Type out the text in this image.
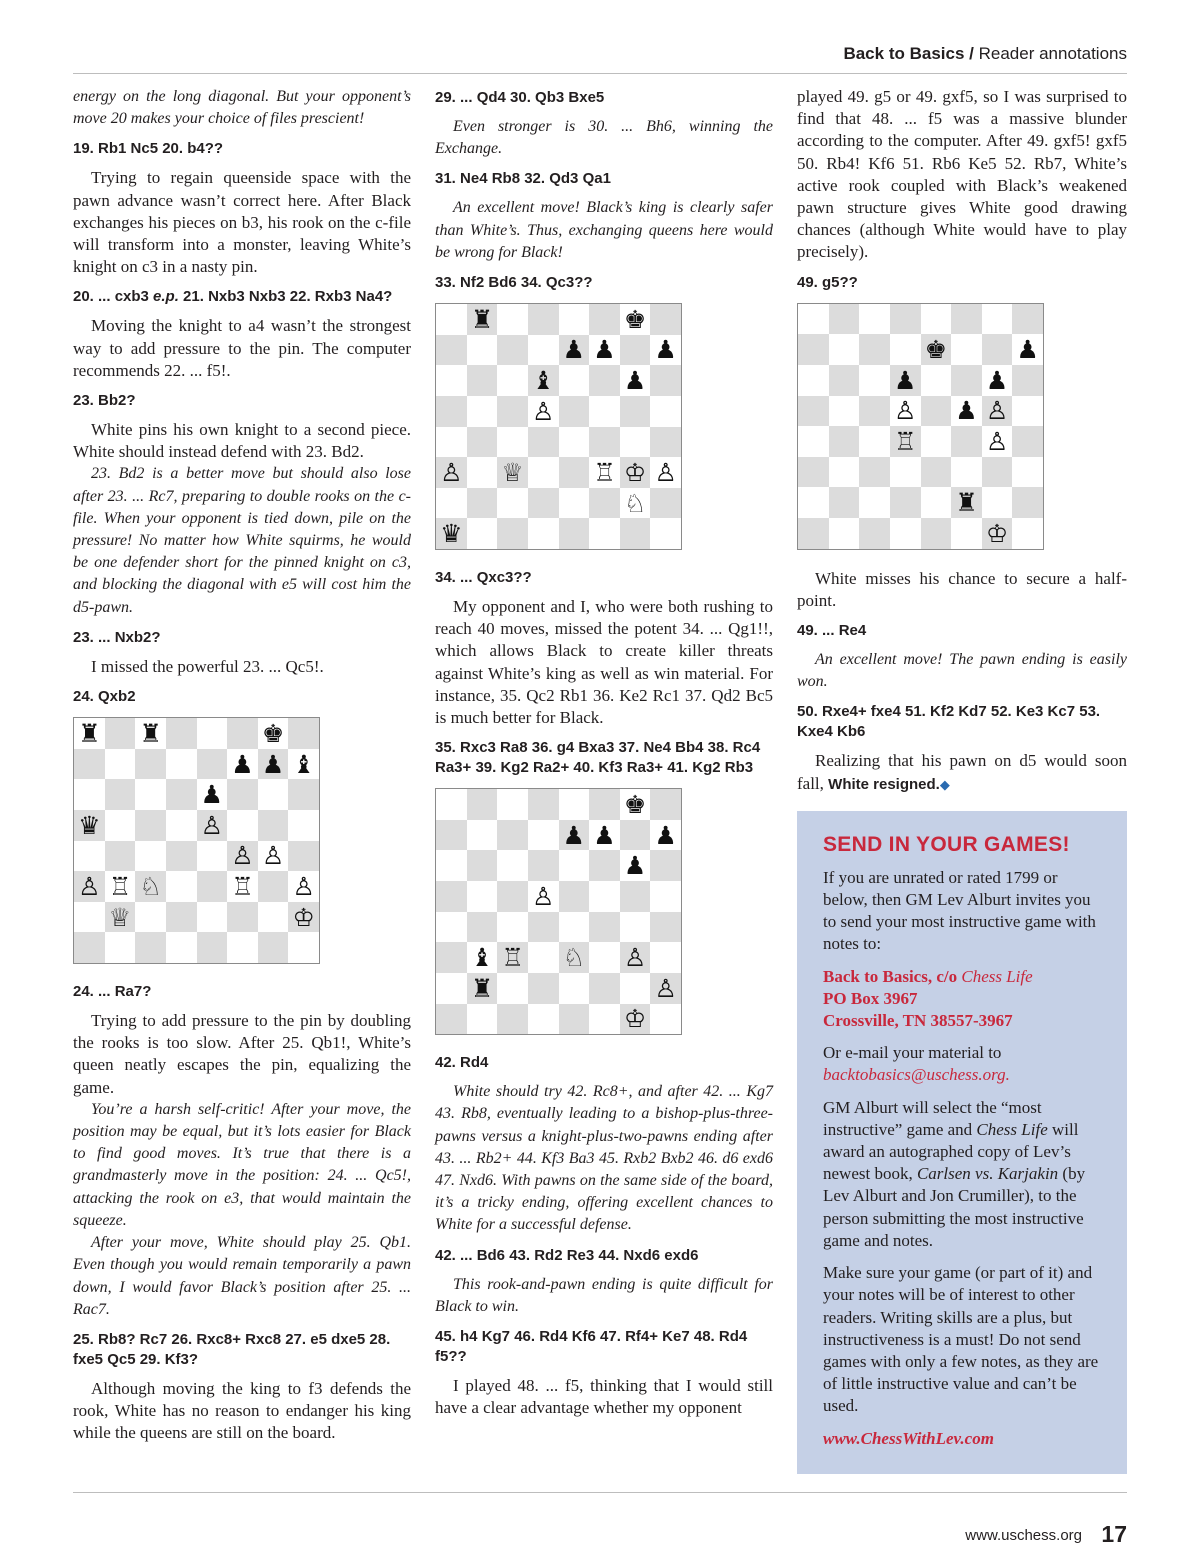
Back to Basics / Reader annotations

energy on the long diagonal. But your opponent’s move 20 makes your choice of files prescient!

19. Rb1 Nc5 20. b4??

Trying to regain queenside space with the pawn advance wasn’t correct here. After Black exchanges his pieces on b3, his rook on the c-file will transform into a monster, leaving White’s knight on c3 in a nasty pin.

20. ... cxb3 e.p. 21. Nxb3 Nxb3 22. Rxb3 Na4?

Moving the knight to a4 wasn’t the strongest way to add pressure to the pin. The computer recommends 22. ... f5!.

23. Bb2?

White pins his own knight to a second piece. White should instead defend with 23. Bd2.

23. Bd2 is a better move but should also lose after 23. ... Rc7, preparing to double rooks on the c-file. When your opponent is tied down, pile on the pressure! No matter how White squirms, he would be one defender short for the pinned knight on c3, and blocking the diagonal with e5 will cost him the d5-pawn.

23. ... Nxb2?

I missed the powerful 23. ... Qc5!.

24. Qxb2
♜ ♜	♚
♟ ♟ ♝
♟
♛	♙
♙ ♙
♙ ♖ ♘	♖ ♙
♕	♔
24. ... Ra7?

Trying to add pressure to the pin by doubling the rooks is too slow. After 25. Qb1!, White’s queen neatly escapes the pin, equalizing the game.

You’re a harsh self-critic! After your move, the position may be equal, but it’s lots easier for Black to find good moves. It’s true that there is a grandmasterly move in the position: 24. ... Qc5!, attacking the rook on e3, that would maintain the squeeze.

After your move, White should play 25. Qb1. Even though you would remain temporarily a pawn down, I would favor Black’s position after 25. ... Rac7.

25. Rb8? Rc7 26. Rxc8+ Rxc8 27. e5 dxe5 28. fxe5 Qc5 29. Kf3?

Although moving the king to f3 defends the rook, White has no reason to endanger his king while the queens are still on the board.

29. ... Qd4 30. Qb3 Bxe5

Even stronger is 30. ... Bh6, winning the Exchange.

31. Ne4 Rb8 32. Qd3 Qa1

An excellent move! Black’s king is clearly safer than White’s. Thus, exchanging queens here would be wrong for Black!

33. Nf2 Bd6 34. Qc3??
♜	♚
♟ ♟ ♟
♝	♟
♙
♙ ♕	♖ ♔ ♙
♘
♛
34. ... Qxc3??

My opponent and I, who were both rushing to reach 40 moves, missed the potent 34. ... Qg1!!, which allows Black to create killer threats against White’s king as well as win material. For instance, 35. Qc2 Rb1 36. Ke2 Rc1 37. Qd2 Bc5 is much better for Black.

35. Rxc3 Ra8 36. g4 Bxa3 37. Ne4 Bb4 38. Rc4 Ra3+ 39. Kg2 Ra2+ 40. Kf3 Ra3+ 41. Kg2 Rb3
♚
♟ ♟ ♟
♟
♙
♝ ♖ ♘ ♙
♜	♙
♔
42. Rd4

White should try 42. Rc8+, and after 42. ... Kg7 43. Rb8, eventually leading to a bishop-plus-three-pawns versus a knight-plus-two-pawns ending after 43. ... Rb2+ 44. Kf3 Ba3 45. Rxb2 Bxb2 46. d6 exd6 47. Nxd6. With pawns on the same side of the board, it’s a tricky ending, offering excellent chances to White for a successful defense.

42. ... Bd6 43. Rd2 Re3 44. Nxd6 exd6

This rook-and-pawn ending is quite difficult for Black to win.

45. h4 Kg7 46. Rd4 Kf6 47. Rf4+ Ke7 48. Rd4 f5??

I played 48. ... f5, thinking that I would still have a clear advantage whether my opponent

played 49. g5 or 49. gxf5, so I was surprised to find that 48. ... f5 was a massive blunder according to the computer. After 49. gxf5! gxf5 50. Rb4! Kf6 51. Rb6 Ke5 52. Rb7, White’s active rook coupled with Black’s weakened pawn structure gives White good drawing chances (although White would have to play precisely).

49. g5??
♚	♟
♟	♟
♙ ♟ ♙
♖	♙
♜
♔

White misses his chance to secure a half-point.

49. ... Re4

An excellent move! The pawn ending is easily won.

50. Rxe4+ fxe4 51. Kf2 Kd7 52. Ke3 Kc7 53. Kxe4 Kb6

Realizing that his pawn on d5 would soon fall, White resigned.◆

SEND IN YOUR GAMES!

If you are unrated or rated 1799 or below, then GM Lev Alburt invites you to send your most instructive game with notes to:

Back to Basics, c/o Chess Life
PO Box 3967
Crossville, TN 38557-3967

Or e-mail your material to
backtobasics@uschess.org.

GM Alburt will select the “most instructive” game and Chess Life will award an autographed copy of Lev’s newest book, Carlsen vs. Karjakin (by Lev Alburt and Jon Crumiller), to the person submitting the most instructive game and notes.

Make sure your game (or part of it) and your notes will be of interest to other readers. Writing skills are a plus, but instructiveness is a must! Do not send games with only a few notes, as they are of little instructive value and can’t be used.

www.ChessWithLev.com

www.uschess.org 17
